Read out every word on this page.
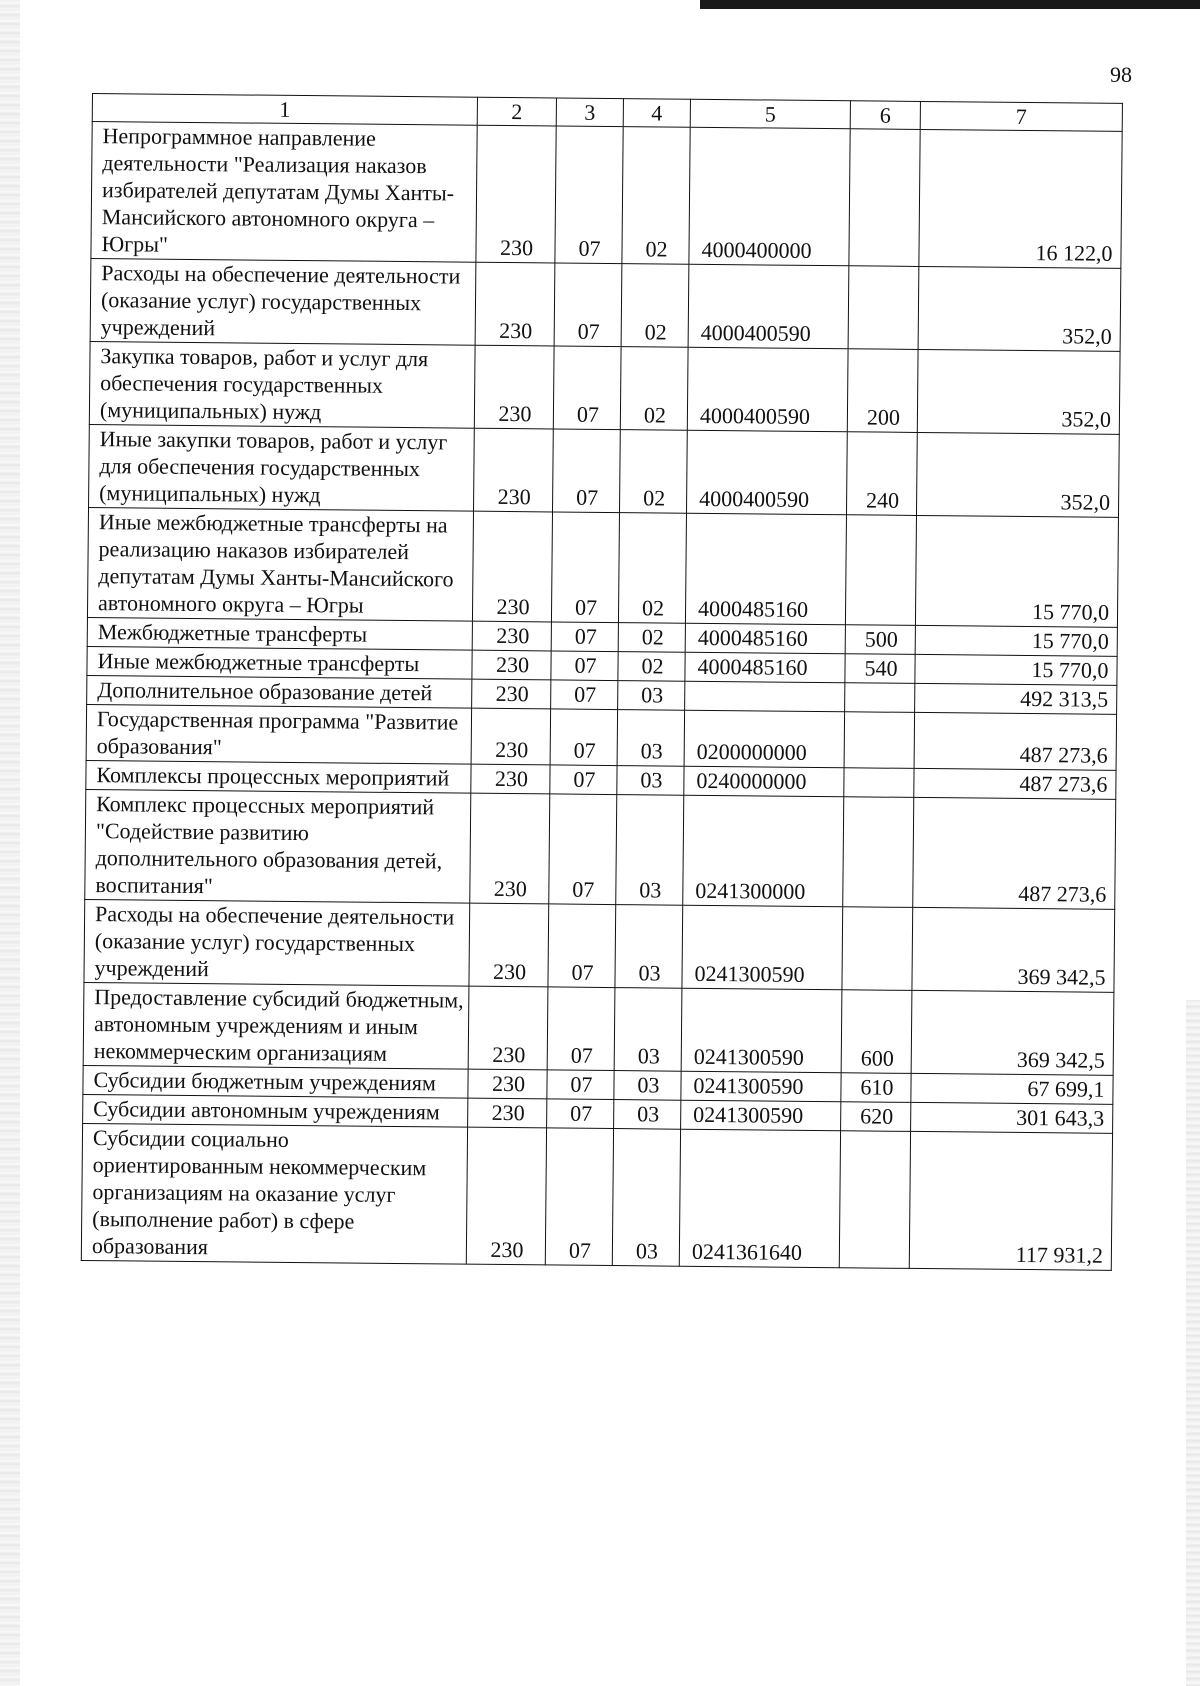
98
1	2	3	4	5	6	7
Непрограммное направление деятельности "Реализация наказов избирателей депутатам Думы Ханты-Мансийского автономного округа – Югры"	230	07	02	4000400000		16 122,0
Расходы на обеспечение деятельности (оказание услуг) государственных учреждений	230	07	02	4000400590		352,0
Закупка товаров, работ и услуг для обеспечения государственных (муниципальных) нужд	230	07	02	4000400590	200	352,0
Иные закупки товаров, работ и услуг для обеспечения государственных (муниципальных) нужд	230	07	02	4000400590	240	352,0
Иные межбюджетные трансферты на реализацию наказов избирателей депутатам Думы Ханты-Мансийского автономного округа – Югры	230	07	02	4000485160		15 770,0
Межбюджетные трансферты	230	07	02	4000485160	500	15 770,0
Иные межбюджетные трансферты	230	07	02	4000485160	540	15 770,0
Дополнительное образование детей	230	07	03			492 313,5
Государственная программа "Развитие образования"	230	07	03	0200000000		487 273,6
Комплексы процессных мероприятий	230	07	03	0240000000		487 273,6
Комплекс процессных мероприятий "Содействие развитию дополнительного образования детей, воспитания"	230	07	03	0241300000		487 273,6
Расходы на обеспечение деятельности (оказание услуг) государственных учреждений	230	07	03	0241300590		369 342,5
Предоставление субсидий бюджетным, автономным учреждениям и иным некоммерческим организациям	230	07	03	0241300590	600	369 342,5
Субсидии бюджетным учреждениям	230	07	03	0241300590	610	67 699,1
Субсидии автономным учреждениям	230	07	03	0241300590	620	301 643,3
Субсидии социально ориентированным некоммерческим организациям на оказание услуг (выполнение работ) в сфере образования	230	07	03	0241361640		117 931,2
